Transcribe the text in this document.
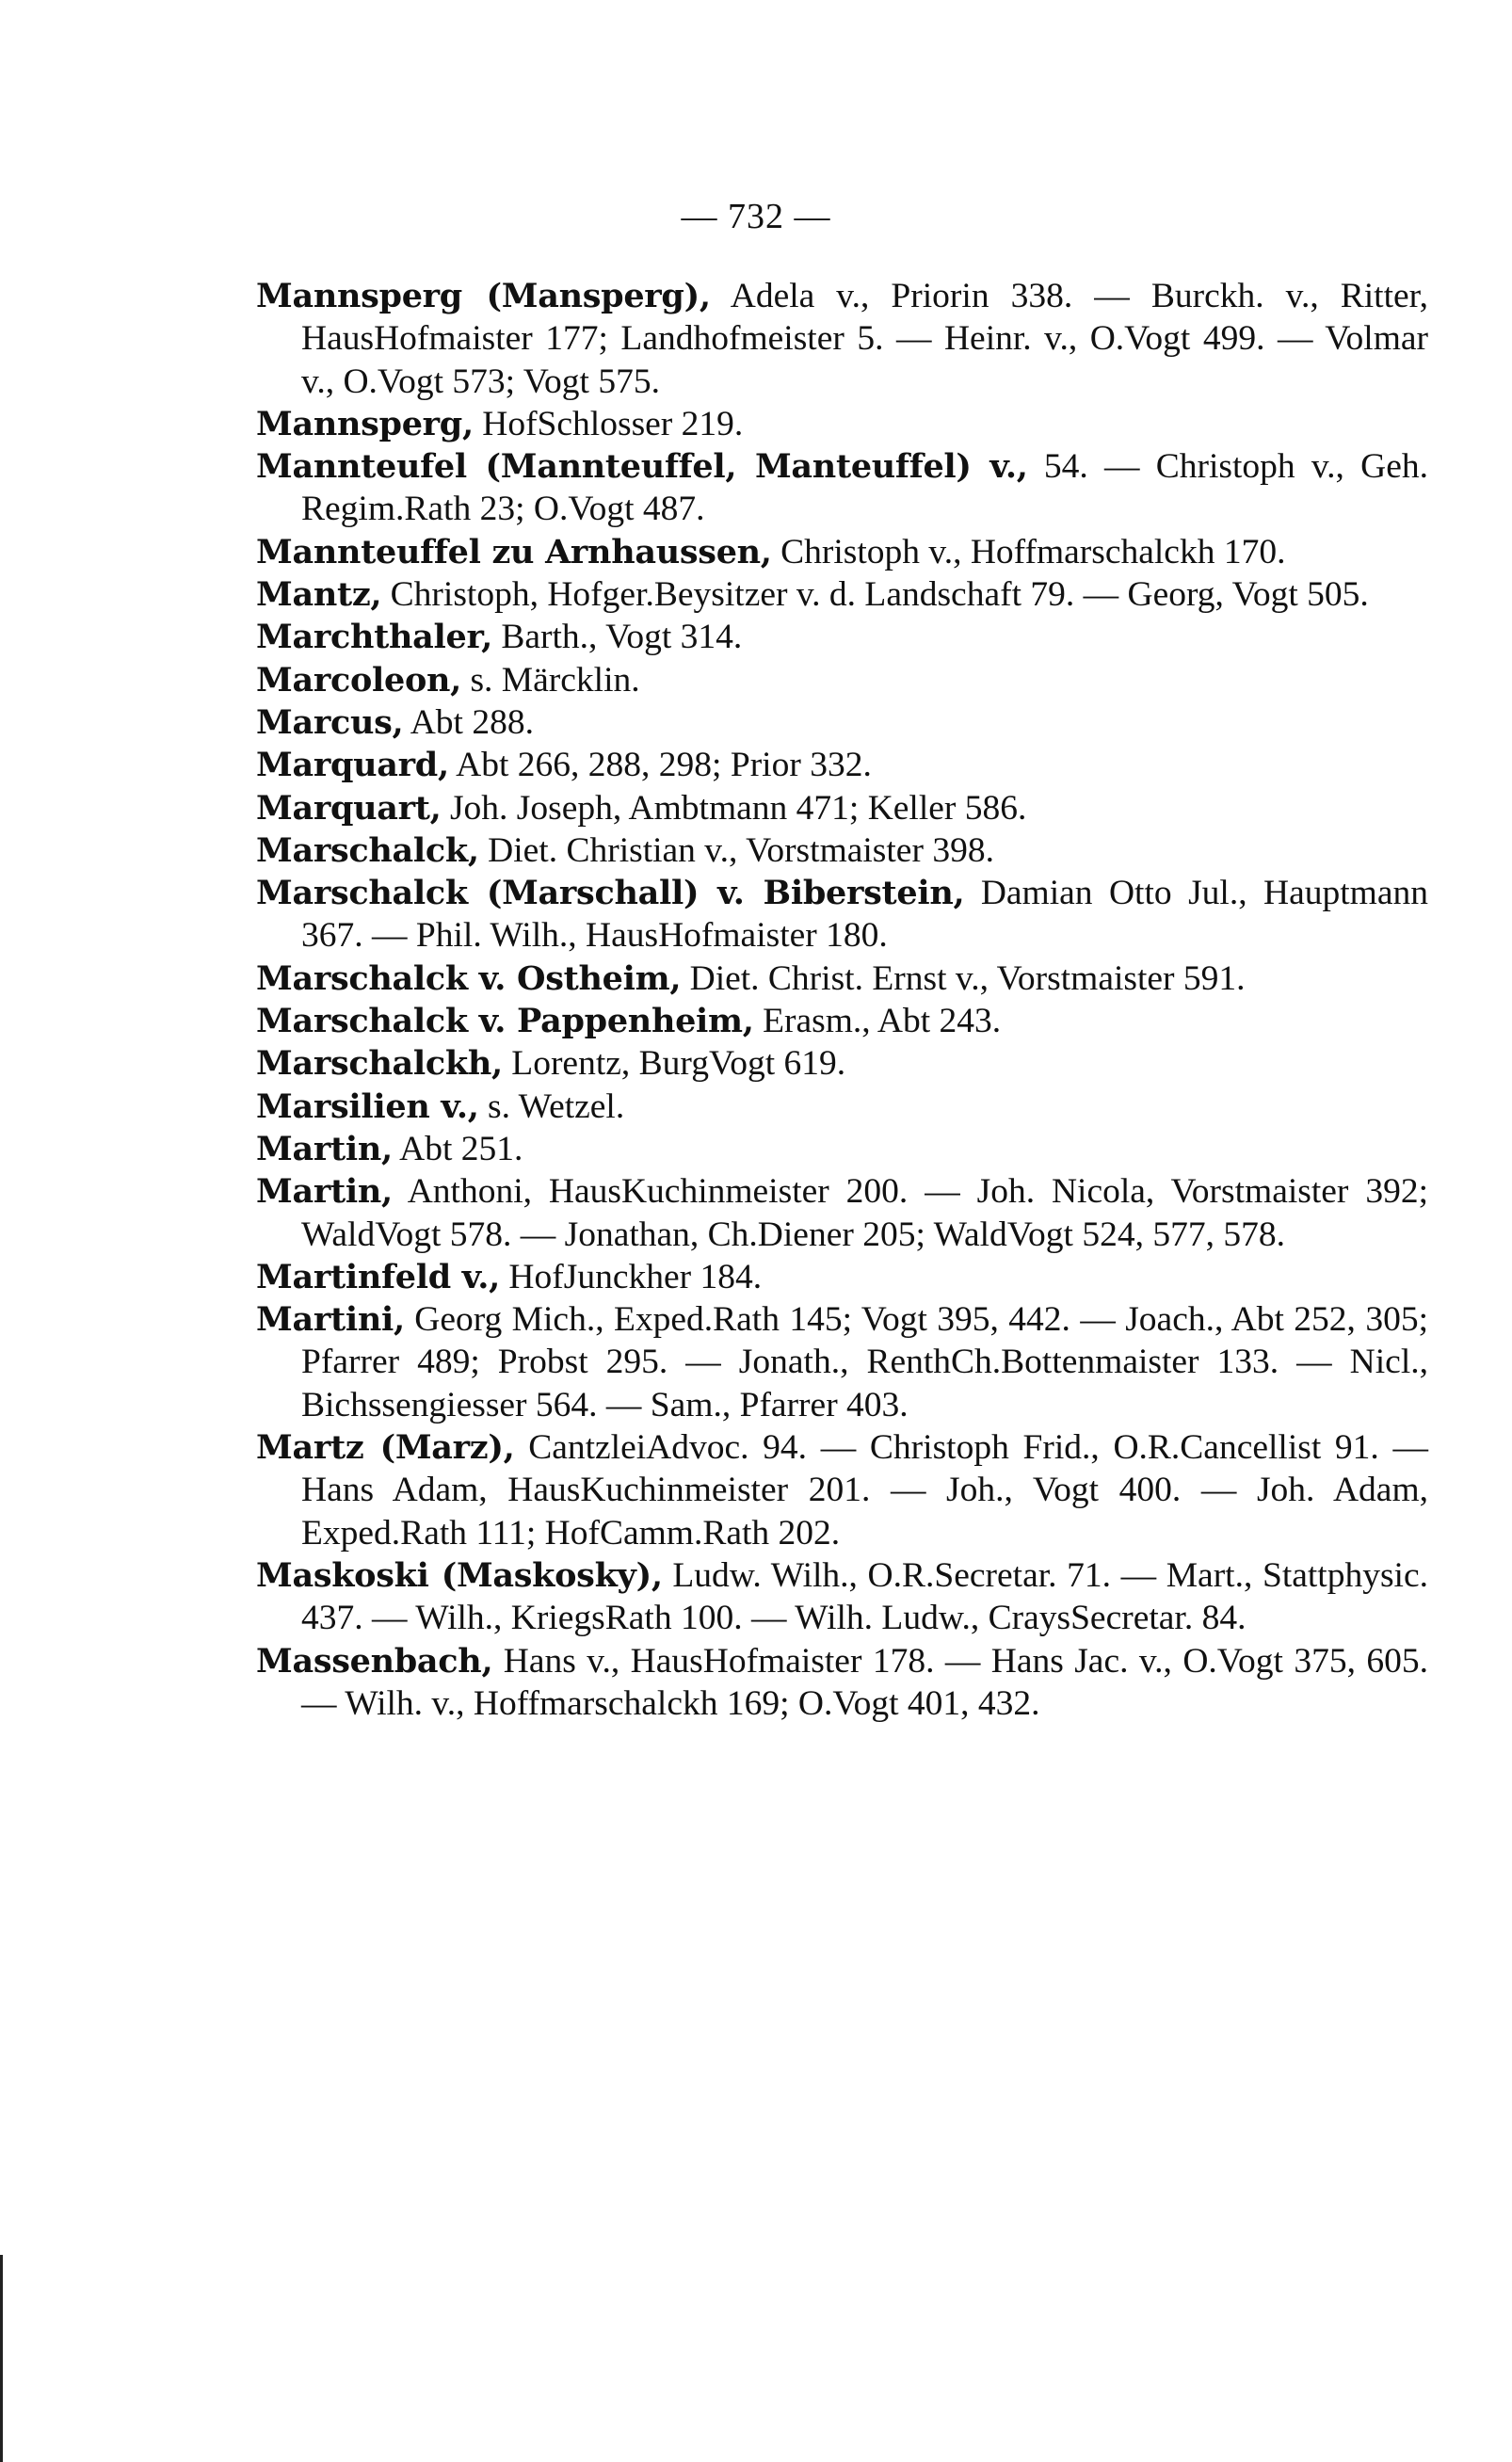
— 732 —

Mannsperg (Mansperg), Adela v., Priorin 338. — Burckh. v., Ritter, HausHofmaister 177; Landhofmeister 5. — Heinr. v., O.Vogt 499. — Volmar v., O.Vogt 573; Vogt 575.

Mannsperg, HofSchlosser 219.

Mannteufel (Mannteuffel, Manteuffel) v., 54. — Christoph v., Geh. Regim.Rath 23; O.Vogt 487.

Mannteuffel zu Arnhaussen, Christoph v., Hoffmarschalckh 170.

Mantz, Christoph, Hofger.Beysitzer v. d. Landschaft 79. — Georg, Vogt 505.

Marchthaler, Barth., Vogt 314.

Marcoleon, s. Märcklin.

Marcus, Abt 288.

Marquard, Abt 266, 288, 298; Prior 332.

Marquart, Joh. Joseph, Ambtmann 471; Keller 586.

Marschalck, Diet. Christian v., Vorstmaister 398.

Marschalck (Marschall) v. Biberstein, Damian Otto Jul., Hauptmann 367. — Phil. Wilh., HausHofmaister 180.

Marschalck v. Ostheim, Diet. Christ. Ernst v., Vorstmaister 591.

Marschalck v. Pappenheim, Erasm., Abt 243.

Marschalckh, Lorentz, BurgVogt 619.

Marsilien v., s. Wetzel.

Martin, Abt 251.

Martin, Anthoni, HausKuchinmeister 200. — Joh. Nicola, Vorstmaister 392; WaldVogt 578. — Jonathan, Ch.Diener 205; WaldVogt 524, 577, 578.

Martinfeld v., HofJunckher 184.

Martini, Georg Mich., Exped.Rath 145; Vogt 395, 442. — Joach., Abt 252, 305; Pfarrer 489; Probst 295. — Jonath., RenthCh.Bottenmaister 133. — Nicl., Bichssengiesser 564. — Sam., Pfarrer 403.

Martz (Marz), CantzleiAdvoc. 94. — Christoph Frid., O.R.Cancellist 91. — Hans Adam, HausKuchinmeister 201. — Joh., Vogt 400. — Joh. Adam, Exped.Rath 111; HofCamm.Rath 202.

Maskoski (Maskosky), Ludw. Wilh., O.R.Secretar. 71. — Mart., Stattphysic. 437. — Wilh., KriegsRath 100. — Wilh. Ludw., CraysSecretar. 84.

Massenbach, Hans v., HausHofmaister 178. — Hans Jac. v., O.Vogt 375, 605. — Wilh. v., Hoffmarschalckh 169; O.Vogt 401, 432.
